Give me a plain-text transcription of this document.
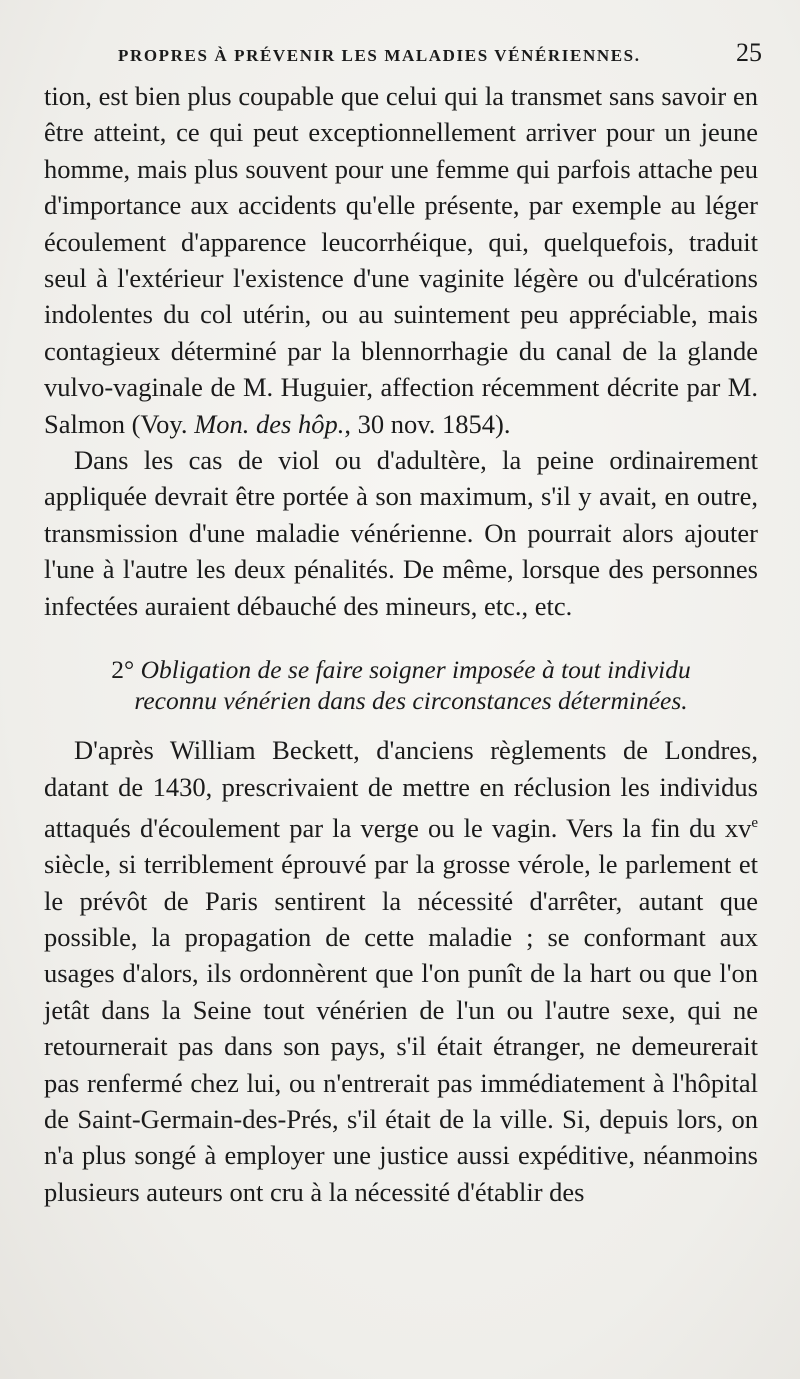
PROPRES À PRÉVENIR LES MALADIES VÉNÉRIENNES.	25

tion, est bien plus coupable que celui qui la transmet sans savoir en être atteint, ce qui peut exceptionnellement arriver pour un jeune homme, mais plus souvent pour une femme qui parfois attache peu d'importance aux accidents qu'elle présente, par exemple au léger écoulement d'apparence leucorrhéique, qui, quelquefois, traduit seul à l'extérieur l'existence d'une vaginite légère ou d'ulcérations indolentes du col utérin, ou au suintement peu appréciable, mais contagieux déterminé par la blennorrhagie du canal de la glande vulvo-vaginale de M. Huguier, affection récemment décrite par M. Salmon (Voy. Mon. des hôp., 30 nov. 1854).

Dans les cas de viol ou d'adultère, la peine ordinairement appliquée devrait être portée à son maximum, s'il y avait, en outre, transmission d'une maladie vénérienne. On pourrait alors ajouter l'une à l'autre les deux pénalités. De même, lorsque des personnes infectées auraient débauché des mineurs, etc., etc.

2° Obligation de se faire soigner imposée à tout individu
reconnu vénérien dans des circonstances déterminées.

D'après William Beckett, d'anciens règlements de Londres, datant de 1430, prescrivaient de mettre en réclusion les individus attaqués d'écoulement par la verge ou le vagin. Vers la fin du $xv^e$ siècle, si terriblement éprouvé par la grosse vérole, le parlement et le prévôt de Paris sentirent la nécessité d'arrêter, autant que possible, la propagation de cette maladie ; se conformant aux usages d'alors, ils ordonnèrent que l'on punît de la hart ou que l'on jetât dans la Seine tout vénérien de l'un ou l'autre sexe, qui ne retournerait pas dans son pays, s'il était étranger, ne demeurerait pas renfermé chez lui, ou n'entrerait pas immédiatement à l'hôpital de Saint-Germain-des-Prés, s'il était de la ville. Si, depuis lors, on n'a plus songé à employer une justice aussi expéditive, néanmoins plusieurs auteurs ont cru à la nécessité d'établir des
